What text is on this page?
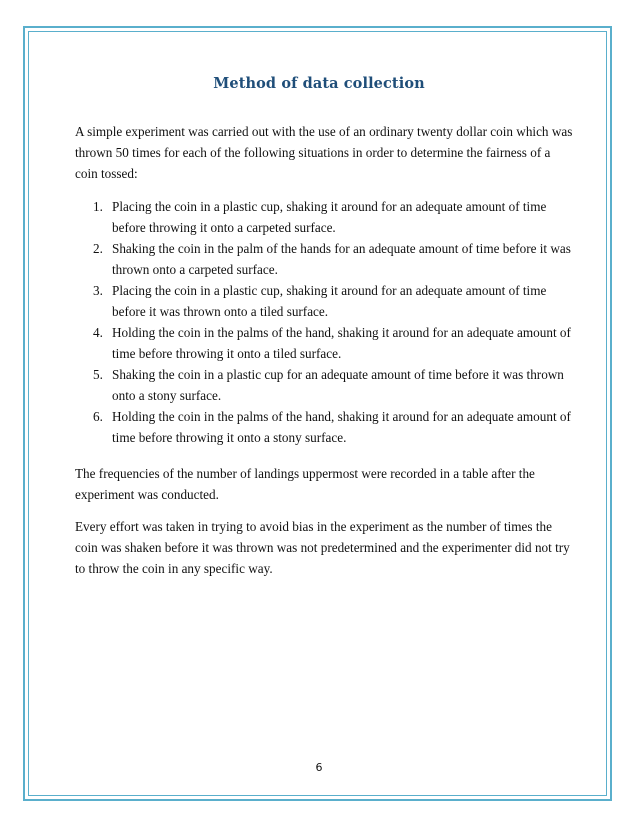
Method of data collection
A simple experiment was carried out with the use of an ordinary twenty dollar coin which was thrown 50 times for each of the following situations in order to determine the fairness of a coin tossed:
1. Placing the coin in a plastic cup, shaking it around for an adequate amount of time before throwing it onto a carpeted surface.
2. Shaking the coin in the palm of the hands for an adequate amount of time before it was thrown onto a carpeted surface.
3. Placing the coin in a plastic cup, shaking it around for an adequate amount of time before it was thrown onto a tiled surface.
4. Holding the coin in the palms of the hand, shaking it around for an adequate amount of time before throwing it onto a tiled surface.
5. Shaking the coin in a plastic cup for an adequate amount of time before it was thrown onto a stony surface.
6. Holding the coin in the palms of the hand, shaking it around for an adequate amount of time before throwing it onto a stony surface.
The frequencies of the number of landings uppermost were recorded in a table after the experiment was conducted.
Every effort was taken in trying to avoid bias in the experiment as the number of times the coin was shaken before it was thrown was not predetermined and the experimenter did not try to throw the coin in any specific way.
6
